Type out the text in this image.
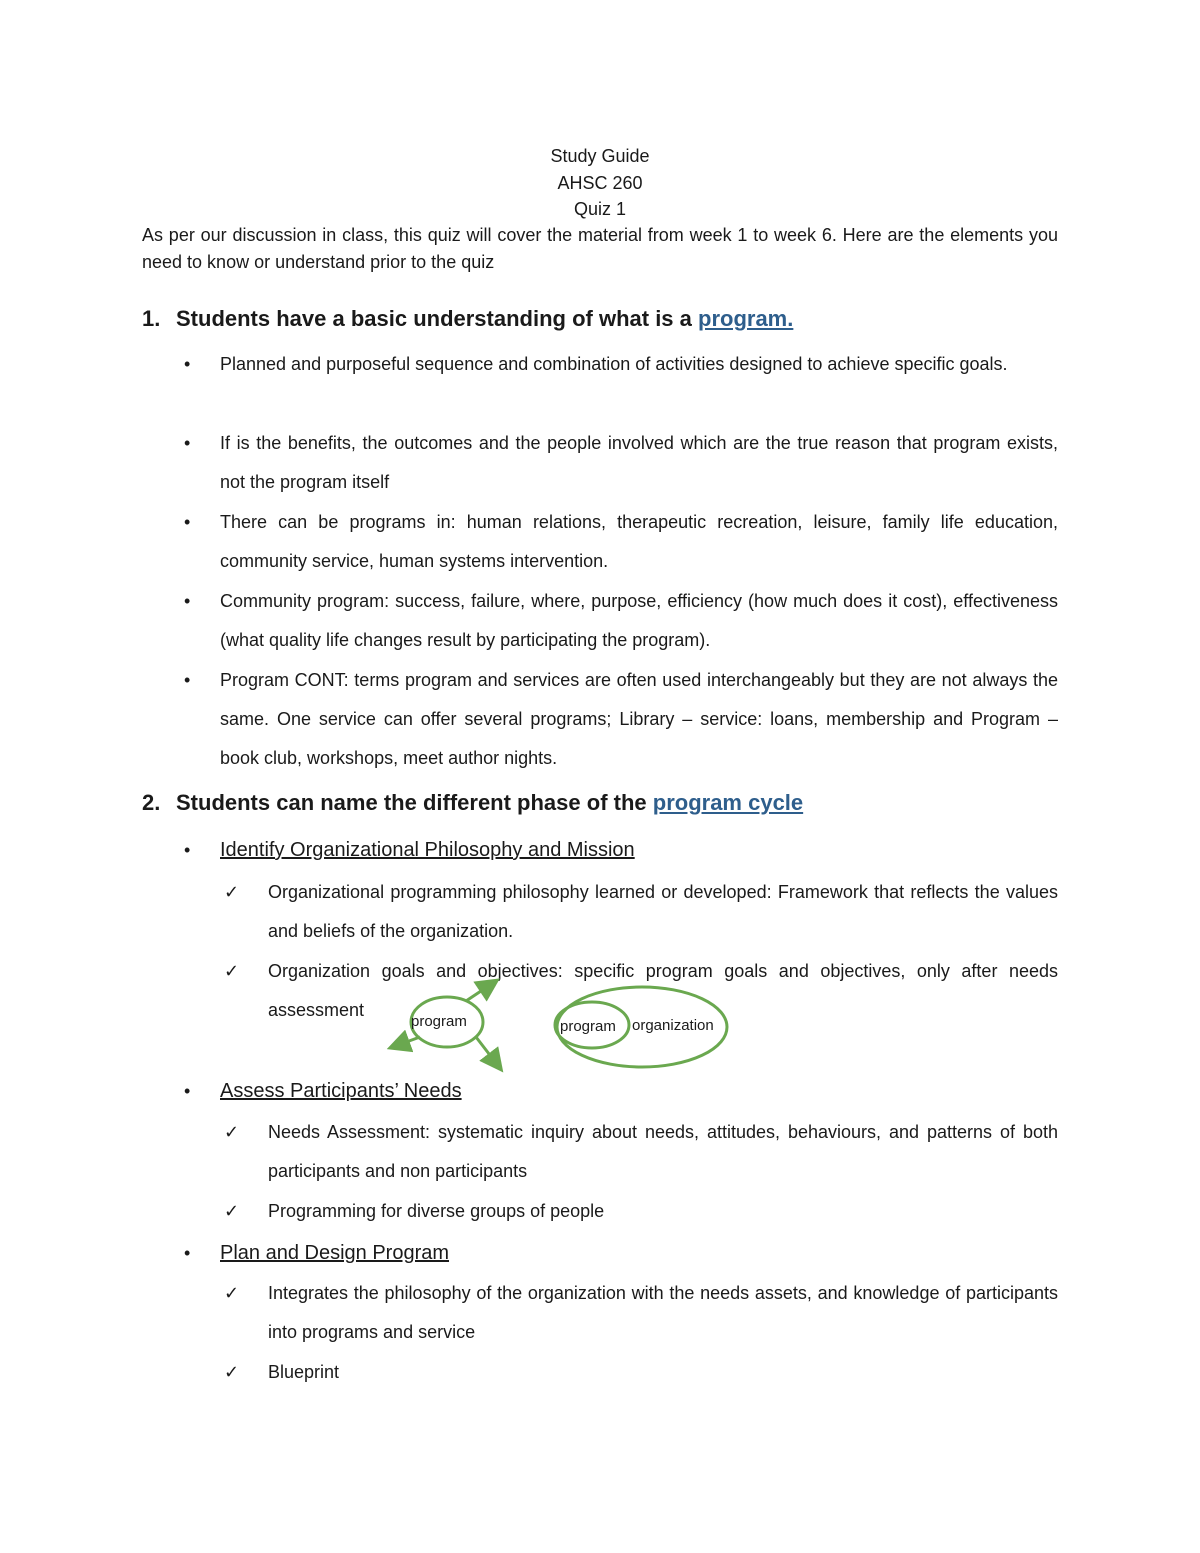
Study Guide
AHSC 260
Quiz 1
As per our discussion in class, this quiz will cover the material from week 1 to week 6. Here are the elements you need to know or understand prior to the quiz
1. Students have a basic understanding of what is a program.
•	Planned and purposeful sequence and combination of activities designed to achieve specific goals.
•	If is the benefits, the outcomes and the people involved which are the true reason that program exists, not the program itself
•	There can be programs in: human relations, therapeutic recreation, leisure, family life education, community service, human systems intervention.
•	Community program: success, failure, where, purpose, efficiency (how much does it cost), effectiveness (what quality life changes result by participating the program).
•	Program CONT: terms program and services are often used interchangeably but they are not always the same. One service can offer several programs; Library – service: loans, membership and Program – book club, workshops, meet author nights.
2. Students can name the different phase of the program cycle
• Identify Organizational Philosophy and Mission
✓ Organizational programming philosophy learned or developed: Framework that reflects the values and beliefs of the organization.
✓ Organization goals and objectives: specific program goals and objectives, only after needs assessment
program	program organization
• Assess Participants’ Needs
✓ Needs Assessment: systematic inquiry about needs, attitudes, behaviours, and patterns of both participants and non participants
✓ Programming for diverse groups of people
• Plan and Design Program
✓ Integrates the philosophy of the organization with the needs assets, and knowledge of participants into programs and service
✓ Blueprint
